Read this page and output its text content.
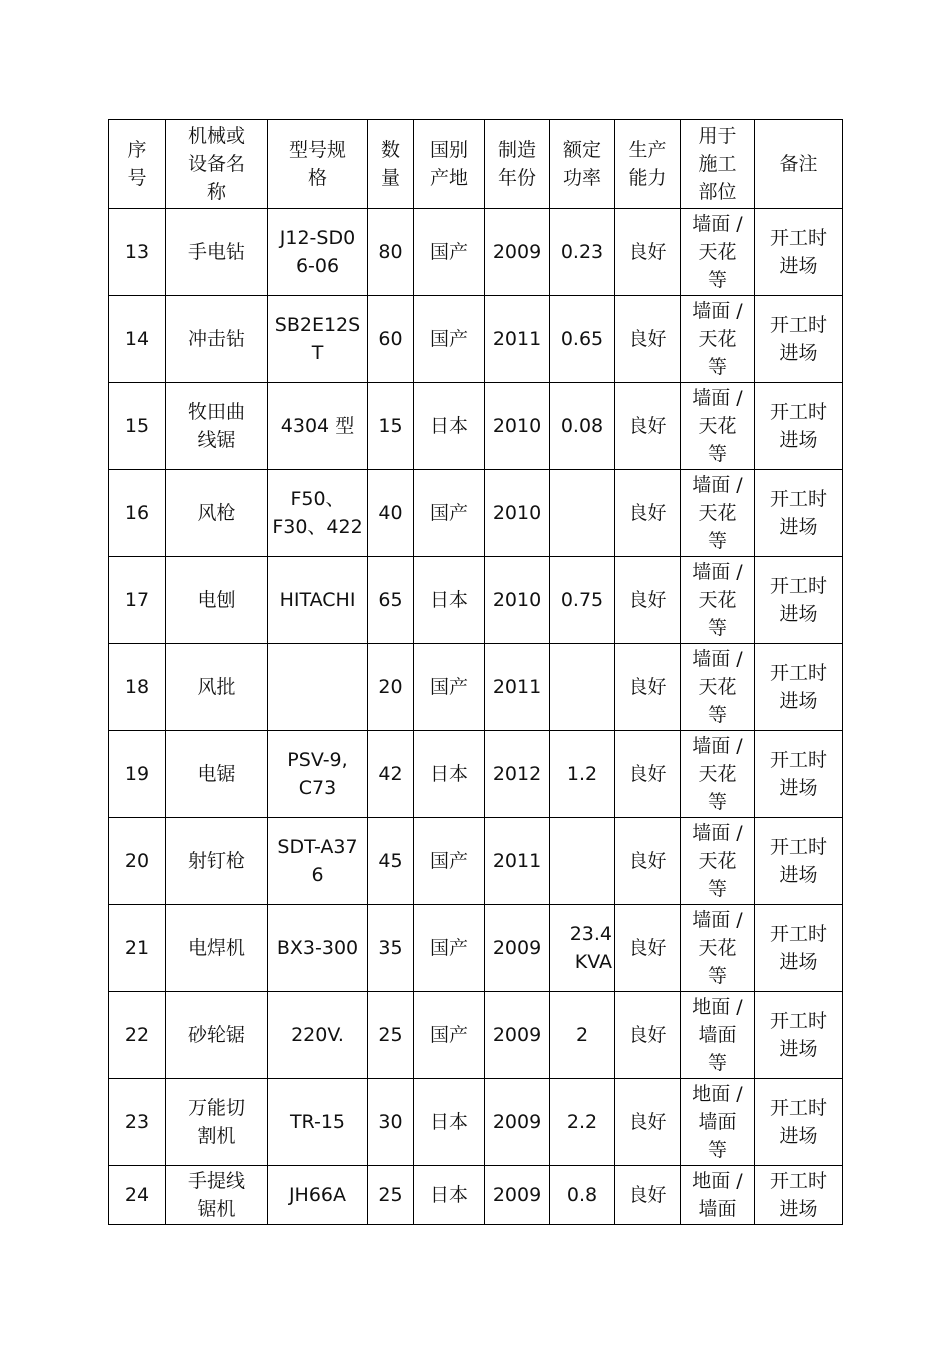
序
号	机械或
设备名
称	型号规
格	数
量	国别
产地	制造
年份	额定
功率	生产
能力	用于
施工
部位	备注
13	手电钻	J12-SD0
6-06	80	国产	2009	0.23	良好	墙面 /
天花
等	开工时
进场
14	冲击钻	SB2E12S
T	60	国产	2011	0.65	良好	墙面 /
天花
等	开工时
进场
15	牧田曲
线锯	4304 型	15	日本	2010	0.08	良好	墙面 /
天花
等	开工时
进场
16	风枪	F50、
F30、422	40	国产	2010		良好	墙面 /
天花
等	开工时
进场
17	电刨	HITACHI	65	日本	2010	0.75	良好	墙面 /
天花
等	开工时
进场
18	风批		20	国产	2011		良好	墙面 /
天花
等	开工时
进场
19	电锯	PSV-9,
C73	42	日本	2012	1.2	良好	墙面 /
天花
等	开工时
进场
20	射钉枪	SDT-A37
6	45	国产	2011		良好	墙面 /
天花
等	开工时
进场
21	电焊机	BX3-300	35	国产	2009	23.4
KVA	良好	墙面 /
天花
等	开工时
进场
22	砂轮锯	220V.	25	国产	2009	2	良好	地面 /
墙面
等	开工时
进场
23	万能切
割机	TR-15	30	日本	2009	2.2	良好	地面 /
墙面
等	开工时
进场
24	手提线
锯机	JH66A	25	日本	2009	0.8	良好	地面 /
墙面	开工时
进场
